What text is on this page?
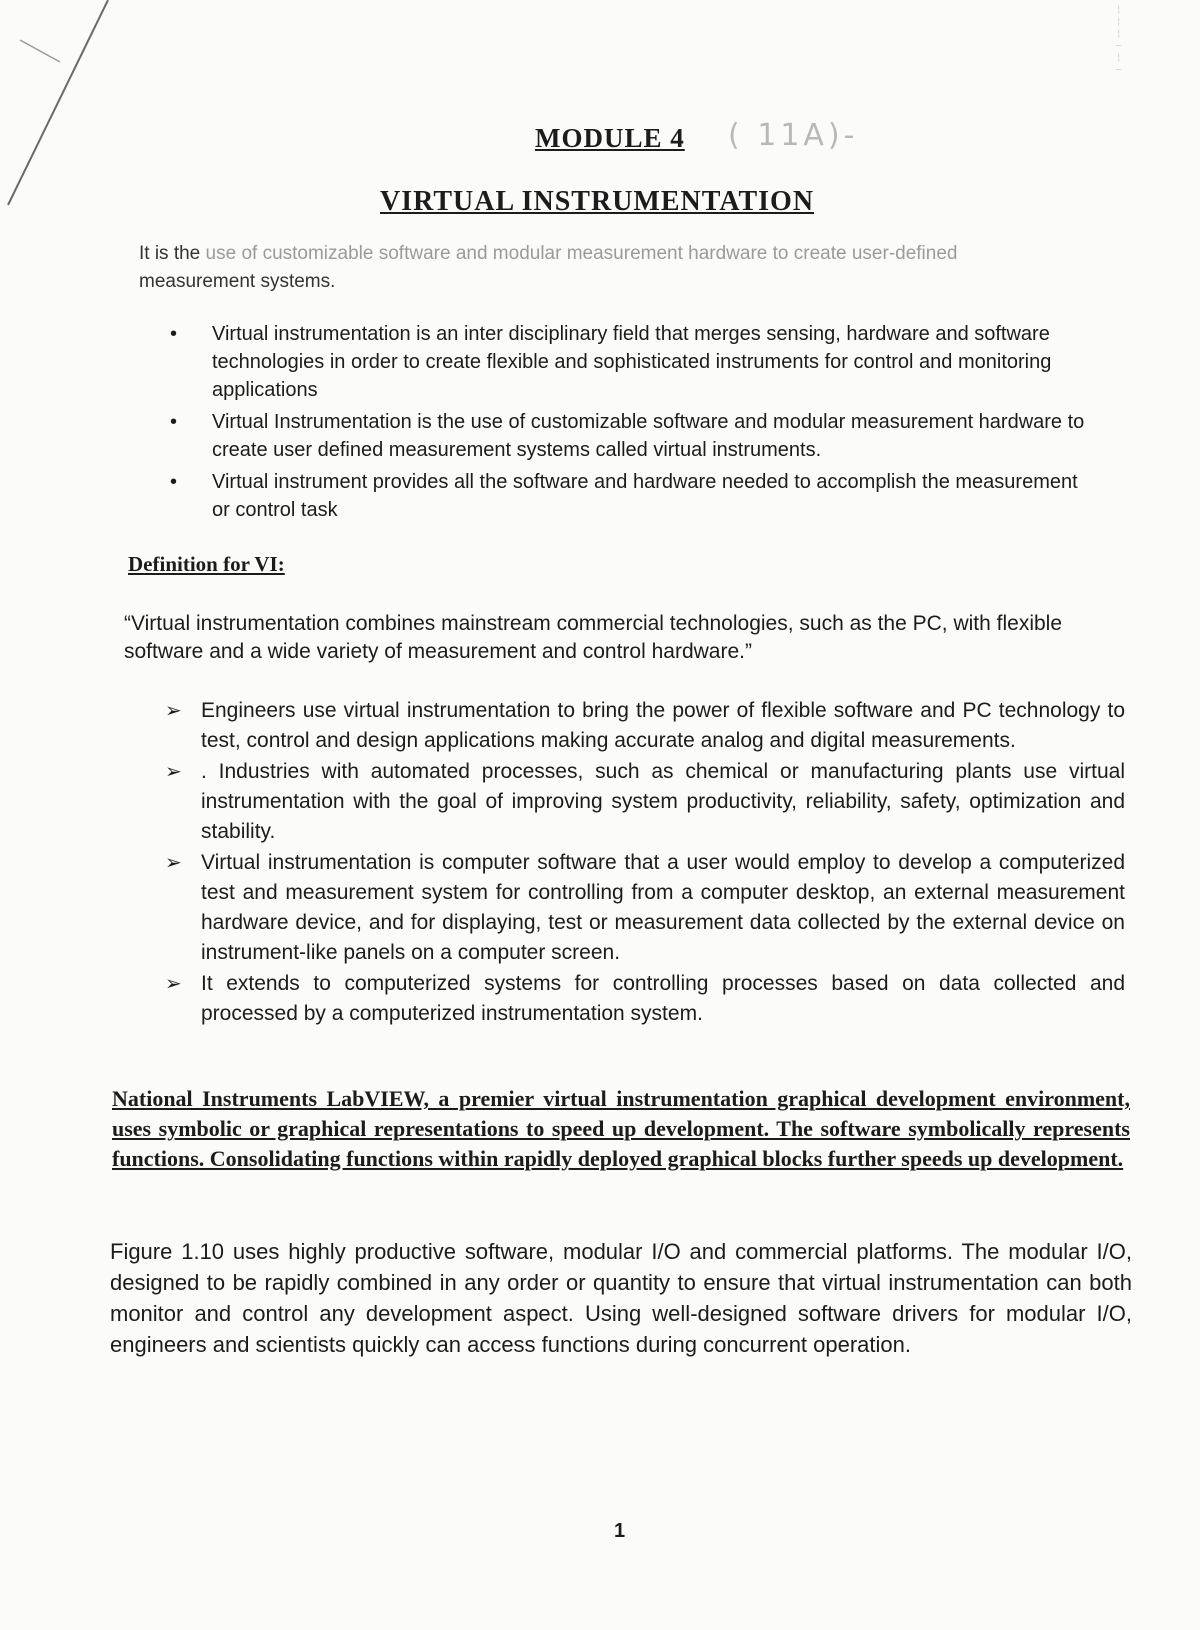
¦ ¦ ¦ ‒ ¦ ‒
MODULE 4 ( 11A)-
VIRTUAL INSTRUMENTATION
It is the use of customizable software and modular measurement hardware to create user-defined
measurement systems.
• Virtual instrumentation is an inter disciplinary field that merges sensing, hardware and software technologies in order to create flexible and sophisticated instruments for control and monitoring applications
• Virtual Instrumentation is the use of customizable software and modular measurement hardware to create user defined measurement systems called virtual instruments.
• Virtual instrument provides all the software and hardware needed to accomplish the measurement or control task
Definition for VI:
“Virtual instrumentation combines mainstream commercial technologies, such as the PC, with flexible software and a wide variety of measurement and control hardware.”
➢ Engineers use virtual instrumentation to bring the power of flexible software and PC technology to test, control and design applications making accurate analog and digital measurements.
➢ . Industries with automated processes, such as chemical or manufacturing plants use virtual instrumentation with the goal of improving system productivity, reliability, safety, optimization and stability.
➢ Virtual instrumentation is computer software that a user would employ to develop a computerized test and measurement system for controlling from a computer desktop, an external measurement hardware device, and for displaying, test or measurement data collected by the external device on instrument-like panels on a computer screen.
➢ It extends to computerized systems for controlling processes based on data collected and processed by a computerized instrumentation system.
National Instruments LabVIEW, a premier virtual instrumentation graphical development environment, uses symbolic or graphical representations to speed up development. The software symbolically represents functions. Consolidating functions within rapidly deployed graphical blocks further speeds up development.
Figure 1.10 uses highly productive software, modular I/O and commercial platforms. The modular I/O, designed to be rapidly combined in any order or quantity to ensure that virtual instrumentation can both monitor and control any development aspect. Using well-designed software drivers for modular I/O, engineers and scientists quickly can access functions during concurrent operation.
1
